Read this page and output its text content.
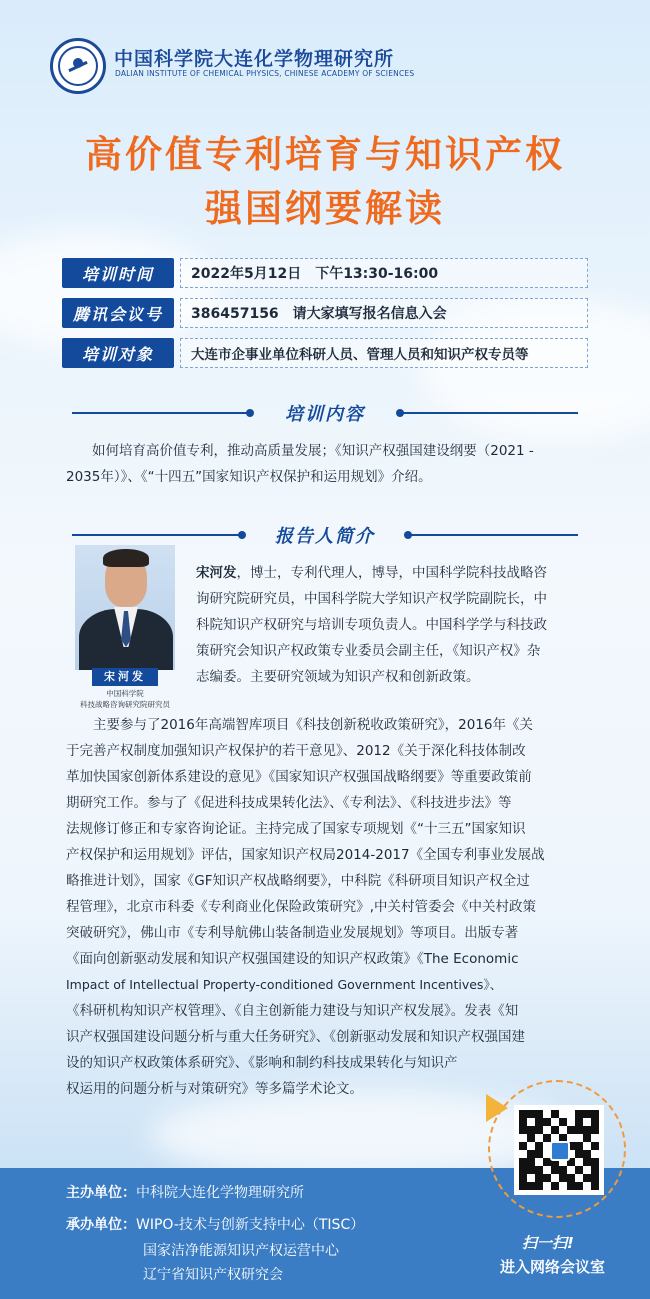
中国科学院大连化学物理研究所
DALIAN INSTITUTE OF CHEMICAL PHYSICS, CHINESE ACADEMY OF SCIENCES
高价值专利培育与知识产权
强国纲要解读
培训时间	2022年5月12日　下午13:30-16:00
腾讯会议号	386457156　请大家填写报名信息入会
培训对象	大连市企事业单位科研人员、管理人员和知识产权专员等
培训内容
如何培育高价值专利，推动高质量发展；《知识产权强国建设纲要（2021 -
2035年）》、《“十四五”国家知识产权保护和运用规划》介绍。
报告人简介
宋河发
中国科学院
科技战略咨询研究院研究员
宋河发，博士，专利代理人，博导，中国科学院科技战略咨
询研究院研究员，中国科学院大学知识产权学院副院长，中
科院知识产权研究与培训专项负责人。中国科学学与科技政
策研究会知识产权政策专业委员会副主任，《知识产权》杂
志编委。主要研究领域为知识产权和创新政策。
　　主要参与了2016年高端智库项目《科技创新税收政策研究》，2016年《关
于完善产权制度加强知识产权保护的若干意见》、2012《关于深化科技体制改
革加快国家创新体系建设的意见》《国家知识产权强国战略纲要》等重要政策前
期研究工作。参与了《促进科技成果转化法》、《专利法》、《科技进步法》等
法规修订修正和专家咨询论证。主持完成了国家专项规划《“十三五”国家知识
产权保护和运用规划》评估，国家知识产权局2014-2017《全国专利事业发展战
略推进计划》，国家《GF知识产权战略纲要》，中科院《科研项目知识产权全过
程管理》，北京市科委《专利商业化保险政策研究》,中关村管委会《中关村政策
突破研究》，佛山市《专利导航佛山装备制造业发展规划》等项目。出版专著
《面向创新驱动发展和知识产权强国建设的知识产权政策》《The Economic
Impact of Intellectual Property-conditioned Government Incentives》、
《科研机构知识产权管理》、《自主创新能力建设与知识产权发展》。发表《知
识产权强国建设问题分析与重大任务研究》、《创新驱动发展和知识产权强国建
设的知识产权政策体系研究》、《影响和制约科技成果转化与知识产
权运用的问题分析与对策研究》等多篇学术论文。
主办单位：中科院大连化学物理研究所
承办单位：WIPO-技术与创新支持中心（TISC）
国家洁净能源知识产权运营中心
辽宁省知识产权研究会
扫一扫!
进入网络会议室
